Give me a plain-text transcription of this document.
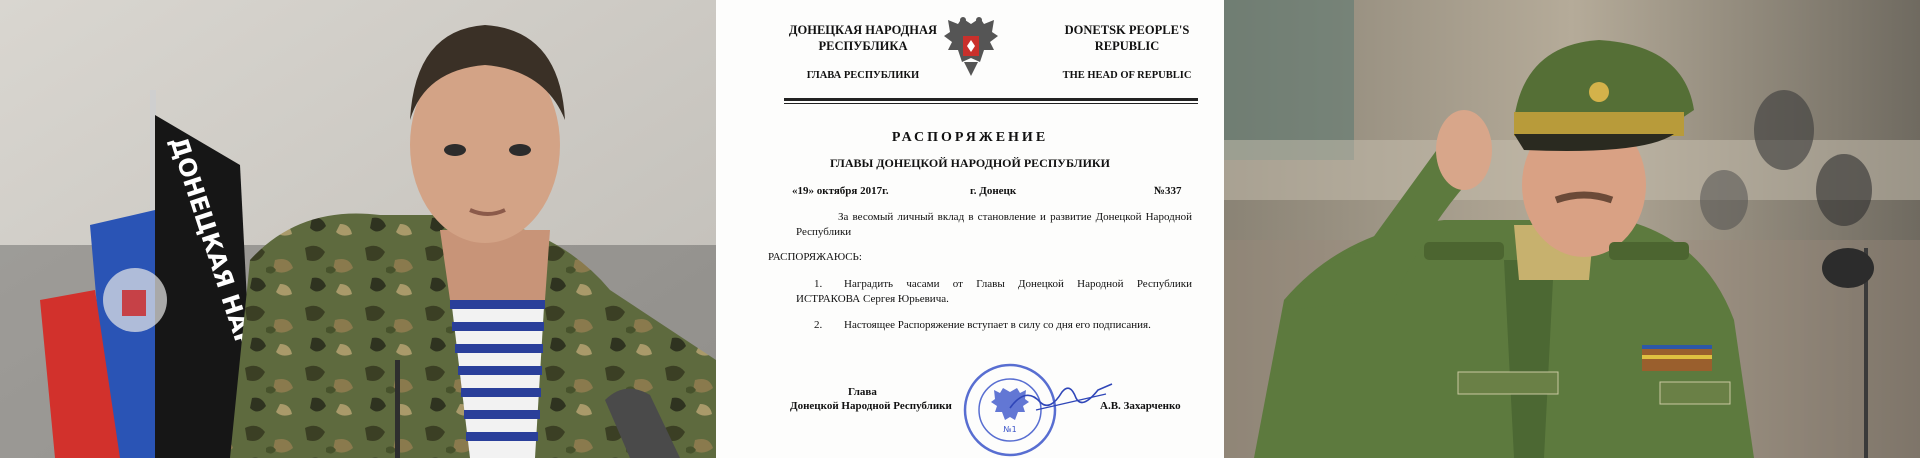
ДОНЕЦКАЯ
ДОНЕЦКАЯ НАРОДНАЯ
РЕСПУБЛИКА
ГЛАВА РЕСПУБЛИКИ
DONETSK PEOPLE'S
REPUBLIC
THE HEAD OF REPUBLIC
РАСПОРЯЖЕНИЕ
ГЛАВЫ ДОНЕЦКОЙ НАРОДНОЙ РЕСПУБЛИКИ
«19» октября 2017г.	г. Донецк	№337
За весомый личный вклад в становление и развитие Донецкой Народной Республики
РАСПОРЯЖАЮСЬ:
1. Наградить часами от Главы Донецкой Народной Республики ИСТРАКОВА Сергея Юрьевича.
2. Настоящее Распоряжение вступает в силу со дня его подписания.
Глава
Донецкой Народной Республики	А.В. Захарченко
№1
